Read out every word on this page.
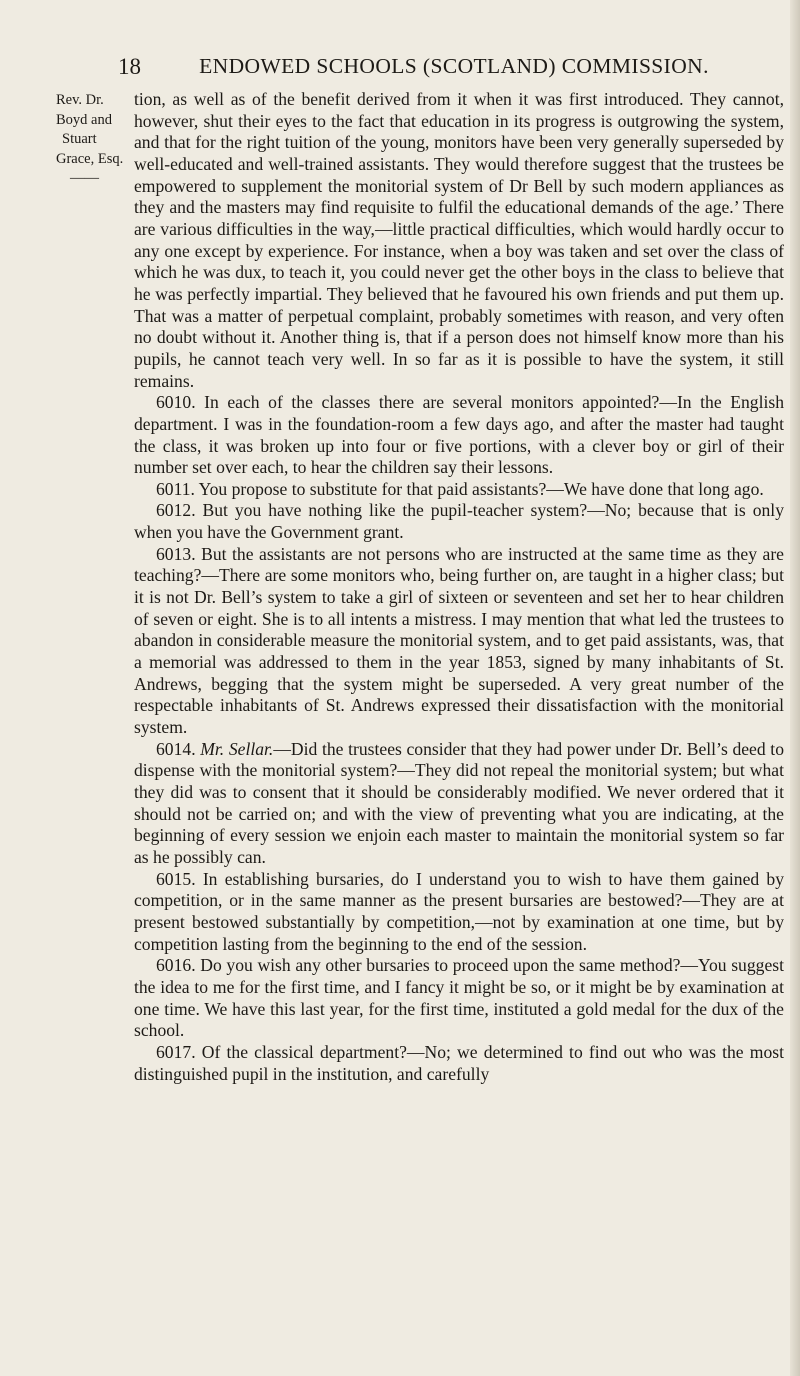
18	ENDOWED SCHOOLS (SCOTLAND) COMMISSION.
Rev. Dr.
Boyd and
Stuart
Grace, Esq.
——

tion, as well as of the benefit derived from it when it was first introduced. They cannot, however, shut their eyes to the fact that education in its progress is outgrowing the system, and that for the right tuition of the young, monitors have been very generally superseded by well-educated and well-trained assistants. They would therefore suggest that the trustees be empowered to supplement the monitorial system of Dr Bell by such modern appliances as they and the masters may find requisite to fulfil the educational demands of the age.’ There are various difficulties in the way,—little practical difficulties, which would hardly occur to any one except by experience. For instance, when a boy was taken and set over the class of which he was dux, to teach it, you could never get the other boys in the class to believe that he was perfectly impartial. They believed that he favoured his own friends and put them up. That was a matter of perpetual complaint, probably sometimes with reason, and very often no doubt without it. Another thing is, that if a person does not himself know more than his pupils, he cannot teach very well. In so far as it is possible to have the system, it still remains.

6010. In each of the classes there are several monitors appointed?—In the English department. I was in the foundation-room a few days ago, and after the master had taught the class, it was broken up into four or five portions, with a clever boy or girl of their number set over each, to hear the children say their lessons.

6011. You propose to substitute for that paid assistants?—We have done that long ago.

6012. But you have nothing like the pupil-teacher system?—No; because that is only when you have the Government grant.

6013. But the assistants are not persons who are instructed at the same time as they are teaching?—There are some monitors who, being further on, are taught in a higher class; but it is not Dr. Bell’s system to take a girl of sixteen or seventeen and set her to hear children of seven or eight. She is to all intents a mistress. I may mention that what led the trustees to abandon in considerable measure the monitorial system, and to get paid assistants, was, that a memorial was addressed to them in the year 1853, signed by many inhabitants of St. Andrews, begging that the system might be superseded. A very great number of the respectable inhabitants of St. Andrews expressed their dissatisfaction with the monitorial system.

6014. Mr. Sellar.—Did the trustees consider that they had power under Dr. Bell’s deed to dispense with the monitorial system?—They did not repeal the monitorial system; but what they did was to consent that it should be considerably modified. We never ordered that it should not be carried on; and with the view of preventing what you are indicating, at the beginning of every session we enjoin each master to maintain the monitorial system so far as he possibly can.

6015. In establishing bursaries, do I understand you to wish to have them gained by competition, or in the same manner as the present bursaries are bestowed?—They are at present bestowed substantially by competition,—not by examination at one time, but by competition lasting from the beginning to the end of the session.

6016. Do you wish any other bursaries to proceed upon the same method?—You suggest the idea to me for the first time, and I fancy it might be so, or it might be by examination at one time. We have this last year, for the first time, instituted a gold medal for the dux of the school.

6017. Of the classical department?—No; we determined to find out who was the most distinguished pupil in the institution, and carefully
